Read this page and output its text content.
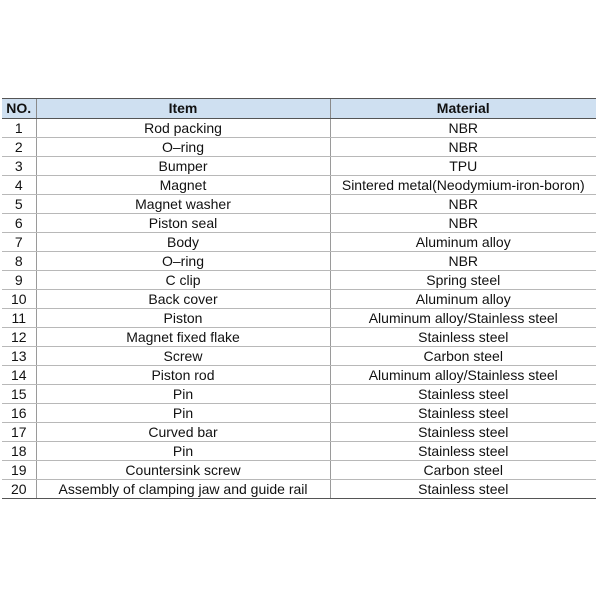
NO.	Item	Material
1	Rod packing	NBR
2	O–ring	NBR
3	Bumper	TPU
4	Magnet	Sintered metal(Neodymium-iron-boron)
5	Magnet washer	NBR
6	Piston seal	NBR
7	Body	Aluminum alloy
8	O–ring	NBR
9	C clip	Spring steel
10	Back cover	Aluminum alloy
11	Piston	Aluminum alloy/Stainless steel
12	Magnet fixed flake	Stainless steel
13	Screw	Carbon steel
14	Piston rod	Aluminum alloy/Stainless steel
15	Pin	Stainless steel
16	Pin	Stainless steel
17	Curved bar	Stainless steel
18	Pin	Stainless steel
19	Countersink screw	Carbon steel
20	Assembly of clamping jaw and guide rail	Stainless steel
